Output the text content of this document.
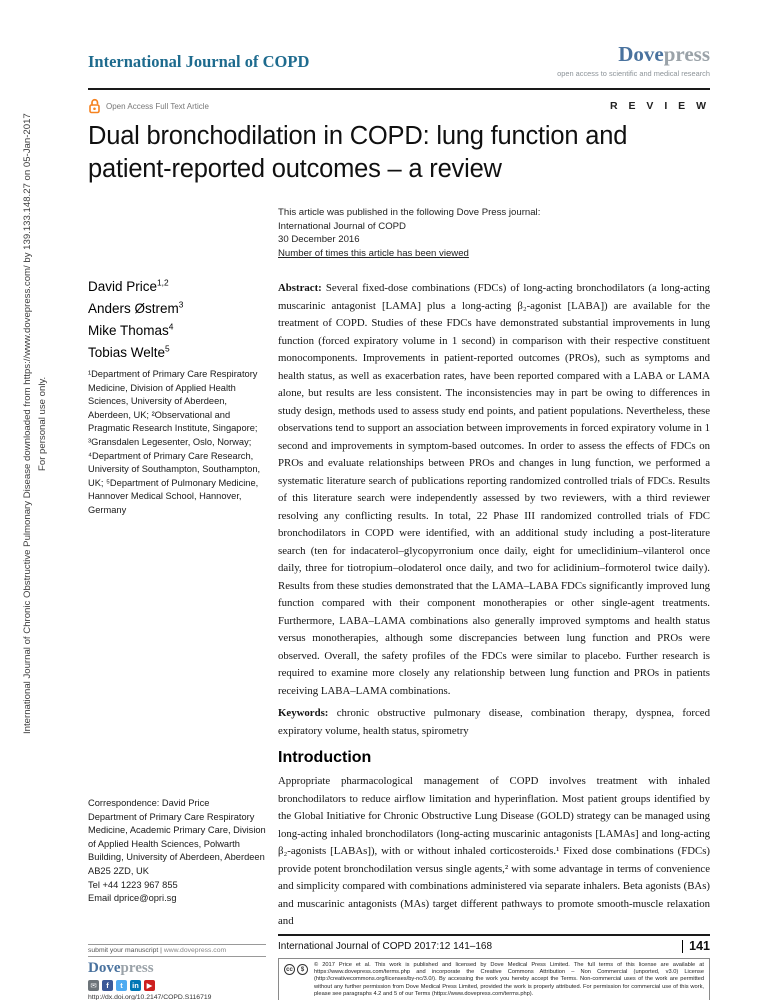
International Journal of Chronic Obstructive Pulmonary Disease downloaded from https://www.dovepress.com/ by 139.133.148.27 on 05-Jan-2017 For personal use only.
International Journal of COPD	Dovepress
open access to scientific and medical research
Open Access Full Text Article	R E V I E W
Dual bronchodilation in COPD: lung function and patient-reported outcomes – a review
This article was published in the following Dove Press journal:
International Journal of COPD
30 December 2016
Number of times this article has been viewed
David Price$^{1,2}$
Anders Østrem$^3$
Mike Thomas$^4$
Tobias Welte$^5$
¹Department of Primary Care Respiratory Medicine, Division of Applied Health Sciences, University of Aberdeen, Aberdeen, UK; ²Observational and Pragmatic Research Institute, Singapore; ³Gransdalen Legesenter, Oslo, Norway; ⁴Department of Primary Care Research, University of Southampton, Southampton, UK; ⁵Department of Pulmonary Medicine, Hannover Medical School, Hannover, Germany

Abstract: Several fixed-dose combinations (FDCs) of long-acting bronchodilators (a long-acting muscarinic antagonist [LAMA] plus a long-acting β₂-agonist [LABA]) are available for the treatment of COPD. Studies of these FDCs have demonstrated substantial improvements in lung function (forced expiratory volume in 1 second) in comparison with their respective constituent monocomponents. Improvements in patient-reported outcomes (PROs), such as symptoms and health status, as well as exacerbation rates, have been reported compared with a LABA or LAMA alone, but results are less consistent. The inconsistencies may in part be owing to differences in study design, methods used to assess study end points, and patient populations. Nevertheless, these observations tend to support an association between improvements in forced expiratory volume in 1 second and improvements in symptom-based outcomes. In order to assess the effects of FDCs on PROs and evaluate relationships between PROs and changes in lung function, we performed a systematic literature search of publications reporting randomized controlled trials of FDCs. Results of this literature search were independently assessed by two reviewers, with a third reviewer resolving any conflicting results. In total, 22 Phase III randomized controlled trials of FDC bronchodilators in COPD were identified, with an additional study including a post-literature search (ten for indacaterol–glycopyrronium once daily, eight for umeclidinium–vilanterol once daily, three for tiotropium–olodaterol once daily, and two for aclidinium–formoterol twice daily). Results from these studies demonstrated that the LAMA–LABA FDCs significantly improved lung function compared with their component monotherapies or other single-agent treatments. Furthermore, LABA–LAMA combinations also generally improved symptoms and health status versus monotherapies, although some discrepancies between lung function and PROs were observed. Overall, the safety profiles of the FDCs were similar to placebo. Further research is required to examine more closely any relationship between lung function and PROs in patients receiving LABA–LAMA combinations.

Keywords: chronic obstructive pulmonary disease, combination therapy, dyspnea, forced expiratory volume, health status, spirometry

Introduction

Appropriate pharmacological management of COPD involves treatment with inhaled bronchodilators to reduce airflow limitation and hyperinflation. Most patient groups identified by the Global Initiative for Chronic Obstructive Lung Disease (GOLD) strategy can be managed using long-acting inhaled bronchodilators (long-acting muscarinic antagonists [LAMAs] and long-acting β₂-agonists [LABAs]), with or without inhaled corticosteroids.¹ Fixed dose combinations (FDCs) provide potent bronchodilation versus single agents,² with some advantage in terms of convenience and simplicity compared with combinations administered via separate inhalers. Beta agonists (BAs) and muscarinic antagonists (MAs) target different pathways to promote smooth-muscle relaxation and

Correspondence: David Price
Department of Primary Care Respiratory Medicine, Academic Primary Care, Division of Applied Health Sciences, Polwarth Building, University of Aberdeen, Aberdeen AB25 2ZD, UK
Tel +44 1223 967 855
Email dprice@opri.sg
submit your manuscript | www.dovepress.com
Dovepress
✉	f	t	in	▶
http://dx.doi.org/10.2147/COPD.S116719
International Journal of COPD 2017:12 141–168	141
cc	$
© 2017 Price et al. This work is published and licensed by Dove Medical Press Limited. The full terms of this license are available at https://www.dovepress.com/terms.php and incorporate the Creative Commons Attribution – Non Commercial (unported, v3.0) License (http://creativecommons.org/licenses/by-nc/3.0/). By accessing the work you hereby accept the Terms. Non-commercial uses of the work are permitted without any further permission from Dove Medical Press Limited, provided the work is properly attributed. For permission for commercial use of this work, please see paragraphs 4.2 and 5 of our Terms (https://www.dovepress.com/terms.php).
